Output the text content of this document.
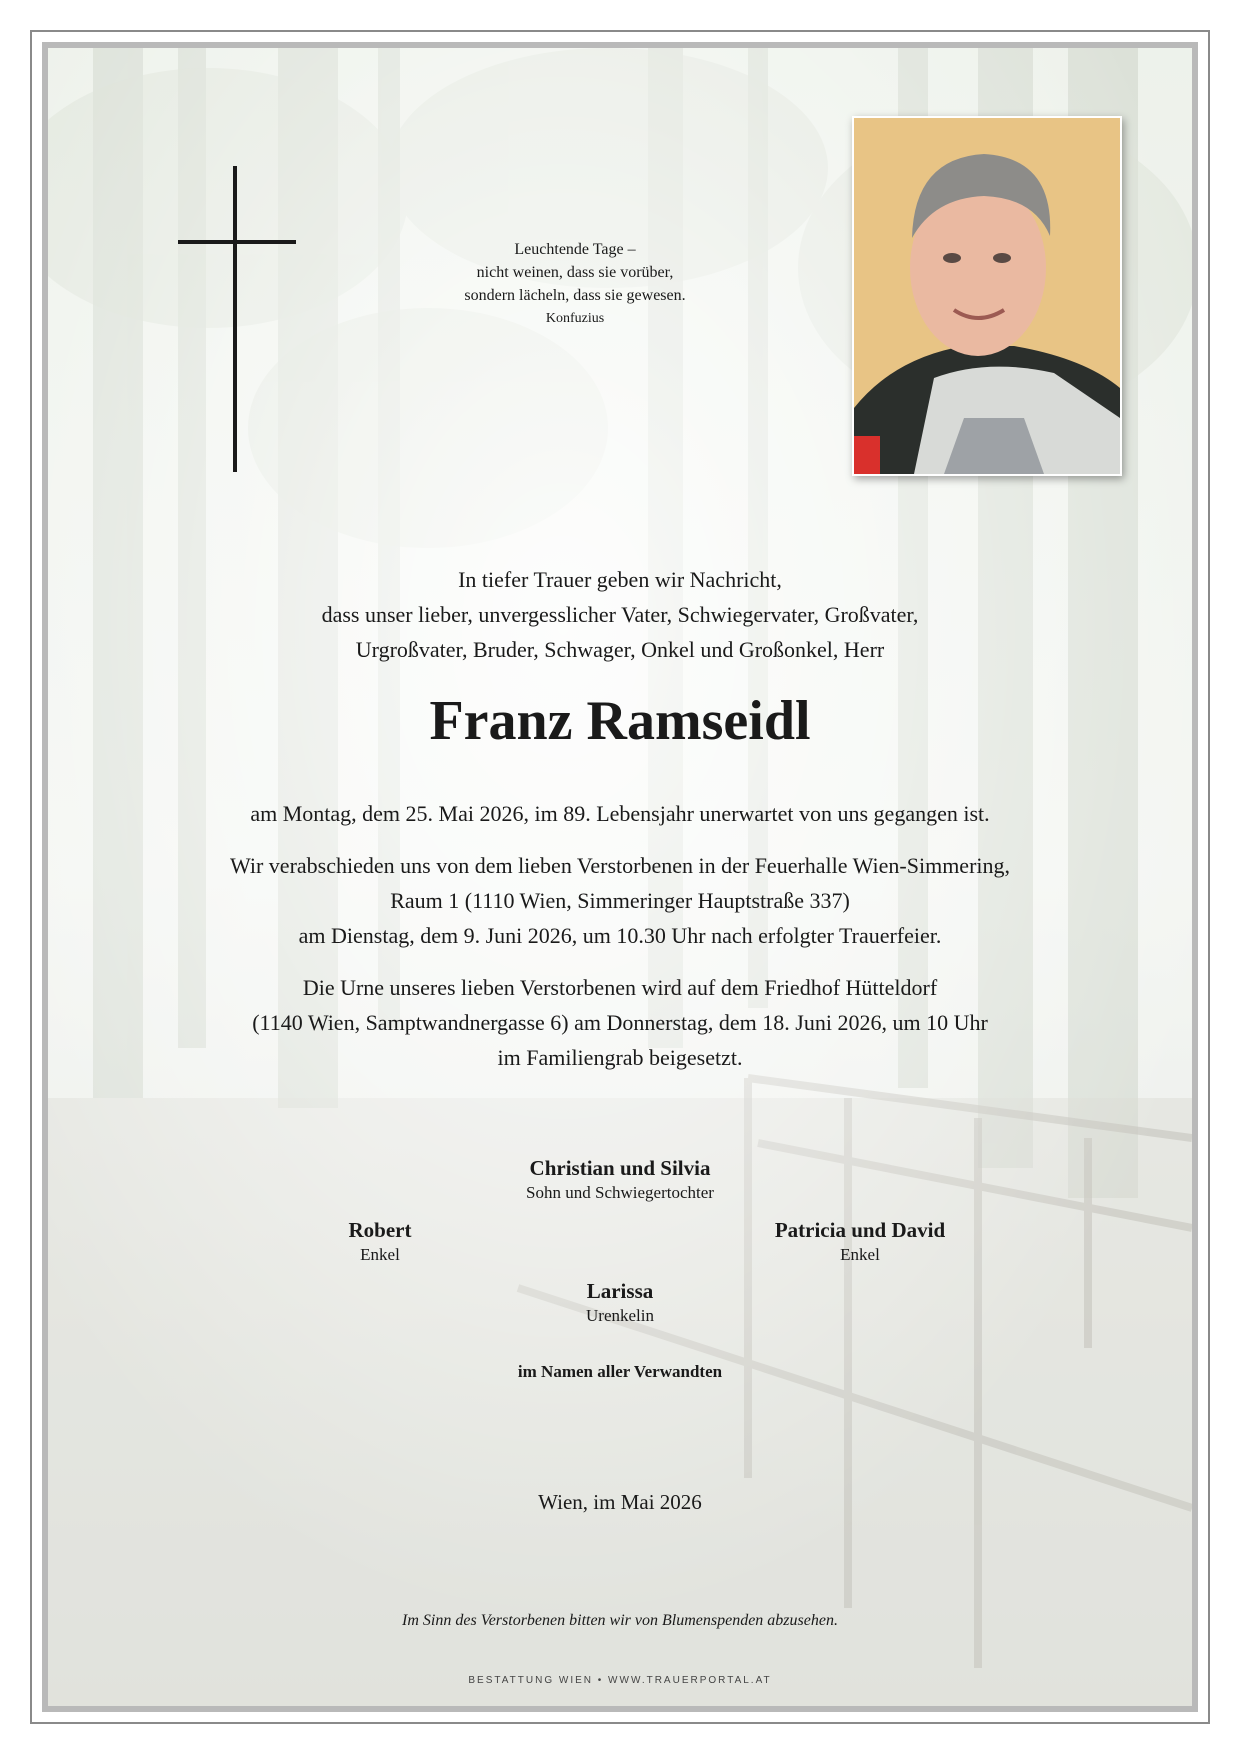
Leuchtende Tage –
nicht weinen, dass sie vorüber,
sondern lächeln, dass sie gewesen.
Konfuzius
In tiefer Trauer geben wir Nachricht,
dass unser lieber, unvergesslicher Vater, Schwiegervater, Großvater,
Urgroßvater, Bruder, Schwager, Onkel und Großonkel, Herr
Franz Ramseidl
am Montag, dem 25. Mai 2026, im 89. Lebensjahr unerwartet von uns gegangen ist.
Wir verabschieden uns von dem lieben Verstorbenen in der Feuerhalle Wien-Simmering,
Raum 1 (1110 Wien, Simmeringer Hauptstraße 337)
am Dienstag, dem 9. Juni 2026, um 10.30 Uhr nach erfolgter Trauerfeier.
Die Urne unseres lieben Verstorbenen wird auf dem Friedhof Hütteldorf
(1140 Wien, Samptwandnergasse 6) am Donnerstag, dem 18. Juni 2026, um 10 Uhr
im Familiengrab beigesetzt.
Christian und Silvia
Sohn und Schwiegertochter
Robert
Enkel
Patricia und David
Enkel
Larissa
Urenkelin
im Namen aller Verwandten
Wien, im Mai 2026
Im Sinn des Verstorbenen bitten wir von Blumenspenden abzusehen.
BESTATTUNG WIEN • WWW.TRAUERPORTAL.AT
